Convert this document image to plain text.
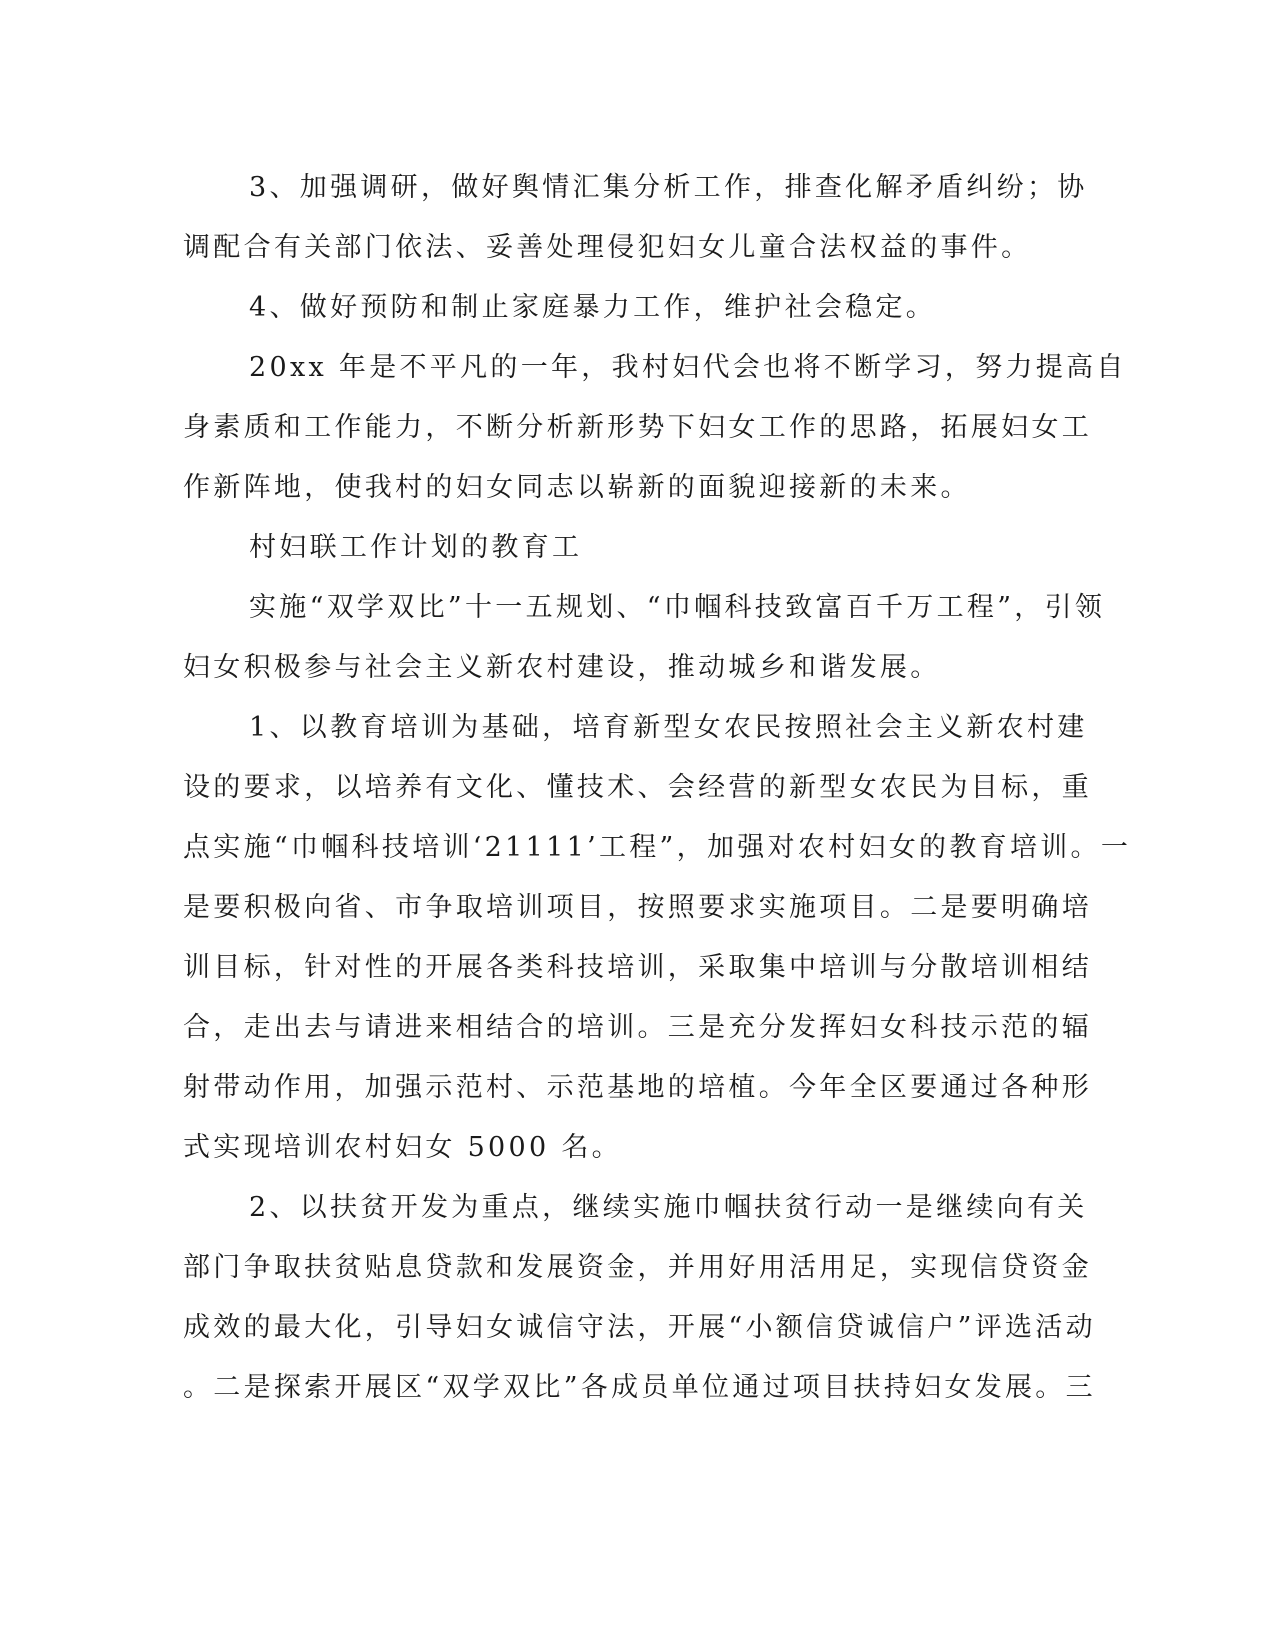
3、加强调研，做好舆情汇集分析工作，排查化解矛盾纠纷；协
调配合有关部门依法、妥善处理侵犯妇女儿童合法权益的事件。
4、做好预防和制止家庭暴力工作，维护社会稳定。
20xx 年是不平凡的一年，我村妇代会也将不断学习，努力提高自
身素质和工作能力，不断分析新形势下妇女工作的思路，拓展妇女工
作新阵地，使我村的妇女同志以崭新的面貌迎接新的未来。
村妇联工作计划的教育工
实施“双学双比”十一五规划、“巾帼科技致富百千万工程”，引领
妇女积极参与社会主义新农村建设，推动城乡和谐发展。
1、以教育培训为基础，培育新型女农民按照社会主义新农村建
设的要求，以培养有文化、懂技术、会经营的新型女农民为目标，重
点实施“巾帼科技培训‘21111’工程”，加强对农村妇女的教育培训。一
是要积极向省、市争取培训项目，按照要求实施项目。二是要明确培
训目标，针对性的开展各类科技培训，采取集中培训与分散培训相结
合，走出去与请进来相结合的培训。三是充分发挥妇女科技示范的辐
射带动作用，加强示范村、示范基地的培植。今年全区要通过各种形
式实现培训农村妇女 5000 名。
2、以扶贫开发为重点，继续实施巾帼扶贫行动一是继续向有关
部门争取扶贫贴息贷款和发展资金，并用好用活用足，实现信贷资金
成效的最大化，引导妇女诚信守法，开展“小额信贷诚信户”评选活动
。二是探索开展区“双学双比”各成员单位通过项目扶持妇女发展。三
